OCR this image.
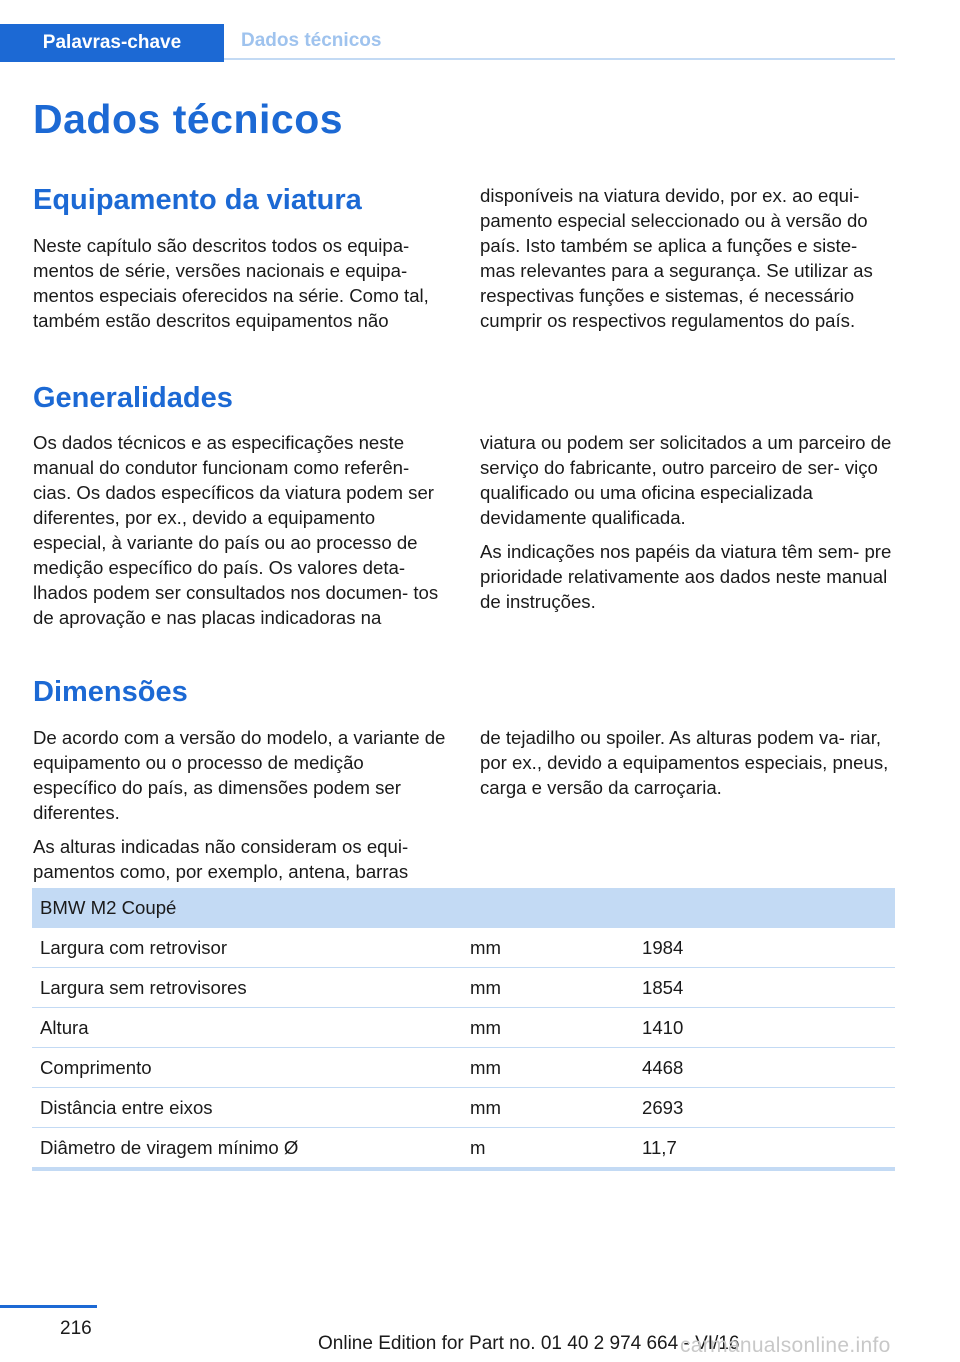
Palavras-chave	Dados técnicos
Dados técnicos
Equipamento da viatura

Neste capítulo são descritos todos os equipa- mentos de série, versões nacionais e equipa- mentos especiais oferecidos na série. Como tal, também estão descritos equipamentos não

disponíveis na viatura devido, por ex. ao equi- pamento especial seleccionado ou à versão do país. Isto também se aplica a funções e siste- mas relevantes para a segurança. Se utilizar as respectivas funções e sistemas, é necessário cumprir os respectivos regulamentos do país.

Generalidades

Os dados técnicos e as especificações neste manual do condutor funcionam como referên- cias. Os dados específicos da viatura podem ser diferentes, por ex., devido a equipamento especial, à variante do país ou ao processo de medição específico do país. Os valores deta- lhados podem ser consultados nos documen- tos de aprovação e nas placas indicadoras na

viatura ou podem ser solicitados a um parceiro de serviço do fabricante, outro parceiro de ser- viço qualificado ou uma oficina especializada devidamente qualificada.

As indicações nos papéis da viatura têm sem- pre prioridade relativamente aos dados neste manual de instruções.

Dimensões

De acordo com a versão do modelo, a variante de equipamento ou o processo de medição específico do país, as dimensões podem ser diferentes.

As alturas indicadas não consideram os equi- pamentos como, por exemplo, antena, barras

de tejadilho ou spoiler. As alturas podem va- riar, por ex., devido a equipamentos especiais, pneus, carga e versão da carroçaria.

BMW M2 Coupé		
Largura com retrovisor	mm	1984
Largura sem retrovisores	mm	1854
Altura	mm	1410
Comprimento	mm	4468
Distância entre eixos	mm	2693
Diâmetro de viragem mínimo Ø	m	11,7
216
Online Edition for Part no. 01 40 2 974 664 - VI/16
carmanualsonline.info
